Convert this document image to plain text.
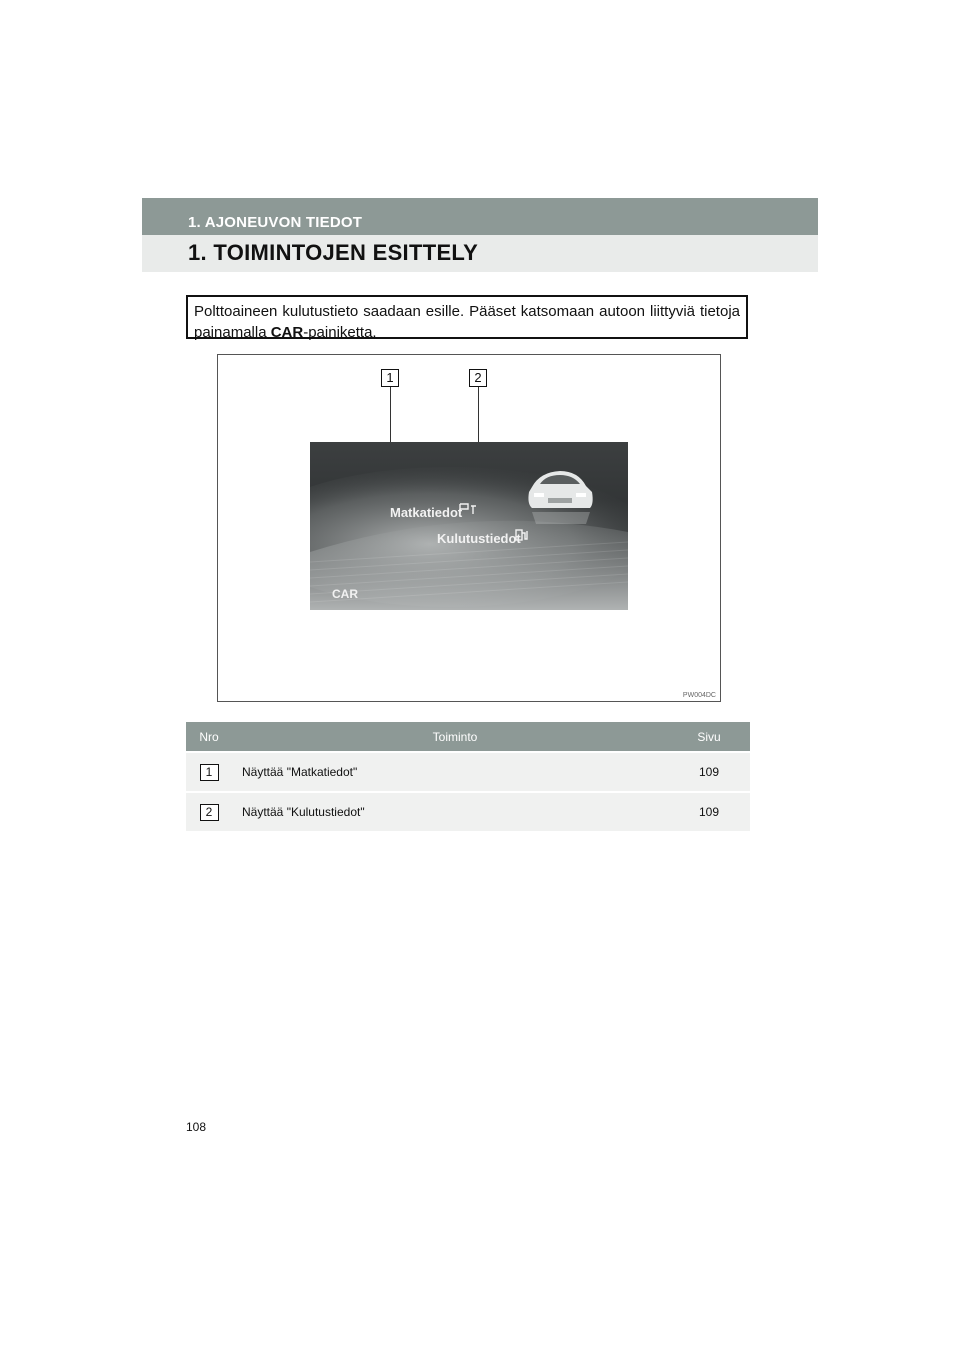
1. AJONEUVON TIEDOT
1. TOIMINTOJEN ESITTELY
Polttoaineen kulutustieto saadaan esille. Pääset katsomaan autoon liittyviä tietoja painamalla CAR-painiketta.
1	2
Matkatiedot
Kulutustiedot
CAR
PW004DC
Nro	Toiminto	Sivu
1	Näyttää "Matkatiedot"	109
2	Näyttää "Kulutustiedot"	109
108
